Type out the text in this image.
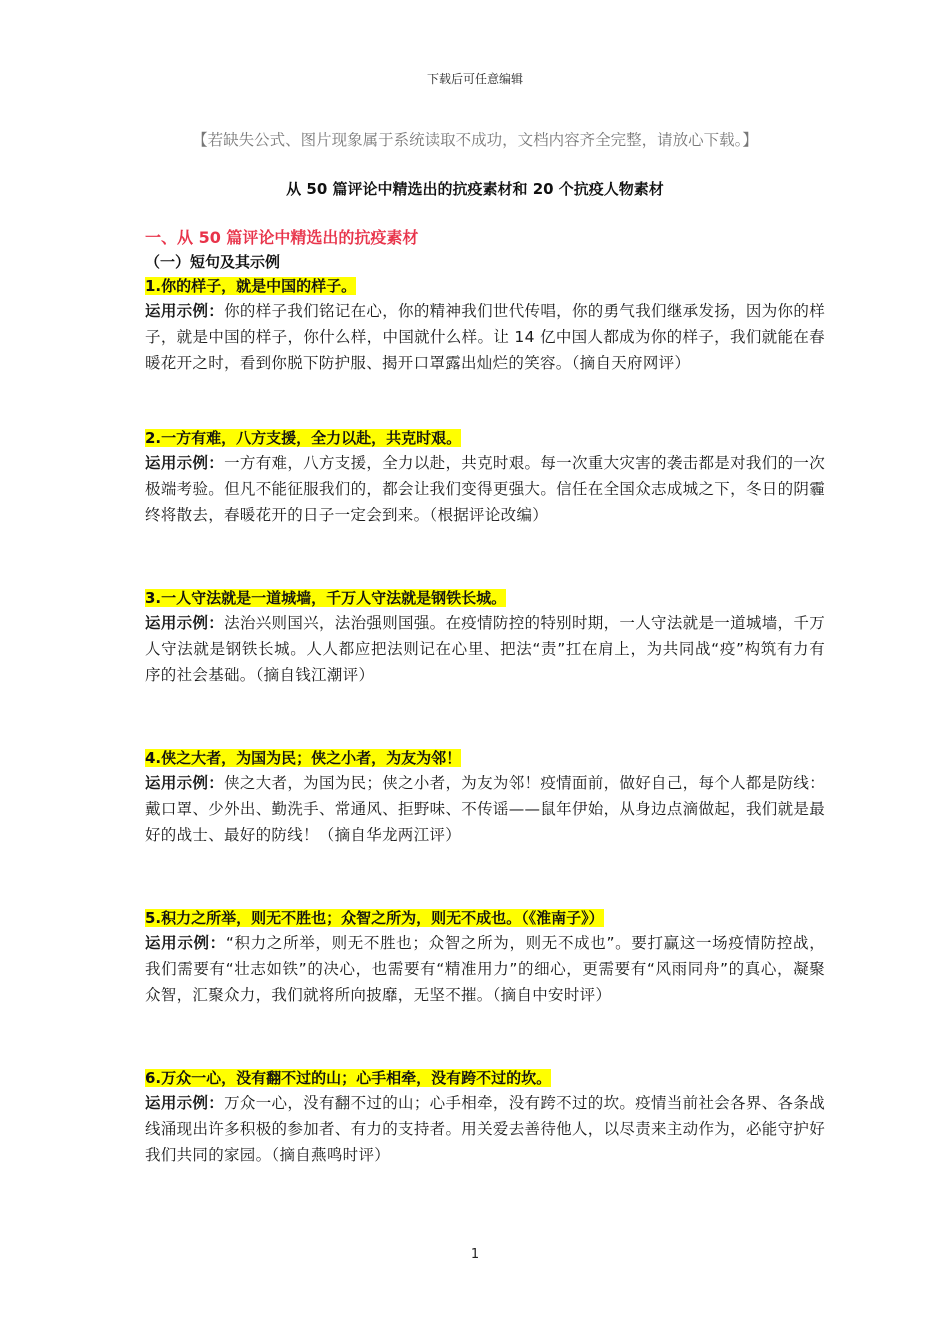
下载后可任意编辑
【若缺失公式、图片现象属于系统读取不成功，文档内容齐全完整，请放心下载。】
从 50 篇评论中精选出的抗疫素材和 20 个抗疫人物素材

一、从 50 篇评论中精选出的抗疫素材

（一）短句及其示例

1.你的样子，就是中国的样子。

运用示例：你的样子我们铭记在心，你的精神我们世代传唱，你的勇气我们继承发扬，因为你的样子，就是中国的样子，你什么样，中国就什么样。让 14 亿中国人都成为你的样子，我们就能在春暖花开之时，看到你脱下防护服、揭开口罩露出灿烂的笑容。（摘自天府网评）

2.一方有难，八方支援，全力以赴，共克时艰。

运用示例：一方有难，八方支援，全力以赴，共克时艰。每一次重大灾害的袭击都是对我们的一次极端考验。但凡不能征服我们的，都会让我们变得更强大。信任在全国众志成城之下，冬日的阴霾终将散去，春暖花开的日子一定会到来。（根据评论改编）

3.一人守法就是一道城墙，千万人守法就是钢铁长城。

运用示例：法治兴则国兴，法治强则国强。在疫情防控的特别时期，一人守法就是一道城墙，千万人守法就是钢铁长城。人人都应把法则记在心里、把法“责”扛在肩上，为共同战“疫”构筑有力有序的社会基础。（摘自钱江潮评）

4.侠之大者，为国为民；侠之小者，为友为邻！

运用示例：侠之大者，为国为民；侠之小者，为友为邻！疫情面前，做好自己，每个人都是防线：戴口罩、少外出、勤洗手、常通风、拒野味、不传谣——鼠年伊始，从身边点滴做起，我们就是最好的战士、最好的防线！（摘自华龙两江评）

5.积力之所举，则无不胜也；众智之所为，则无不成也。（《淮南子》）

运用示例：“积力之所举，则无不胜也；众智之所为，则无不成也”。要打赢这一场疫情防控战，我们需要有“壮志如铁”的决心，也需要有“精准用力”的细心，更需要有“风雨同舟”的真心，凝聚众智，汇聚众力，我们就将所向披靡，无坚不摧。（摘自中安时评）

6.万众一心，没有翻不过的山；心手相牵，没有跨不过的坎。

运用示例：万众一心，没有翻不过的山；心手相牵，没有跨不过的坎。疫情当前社会各界、各条战线涌现出许多积极的参加者、有力的支持者。用关爱去善待他人，以尽责来主动作为，必能守护好我们共同的家园。（摘自燕鸣时评）

1
